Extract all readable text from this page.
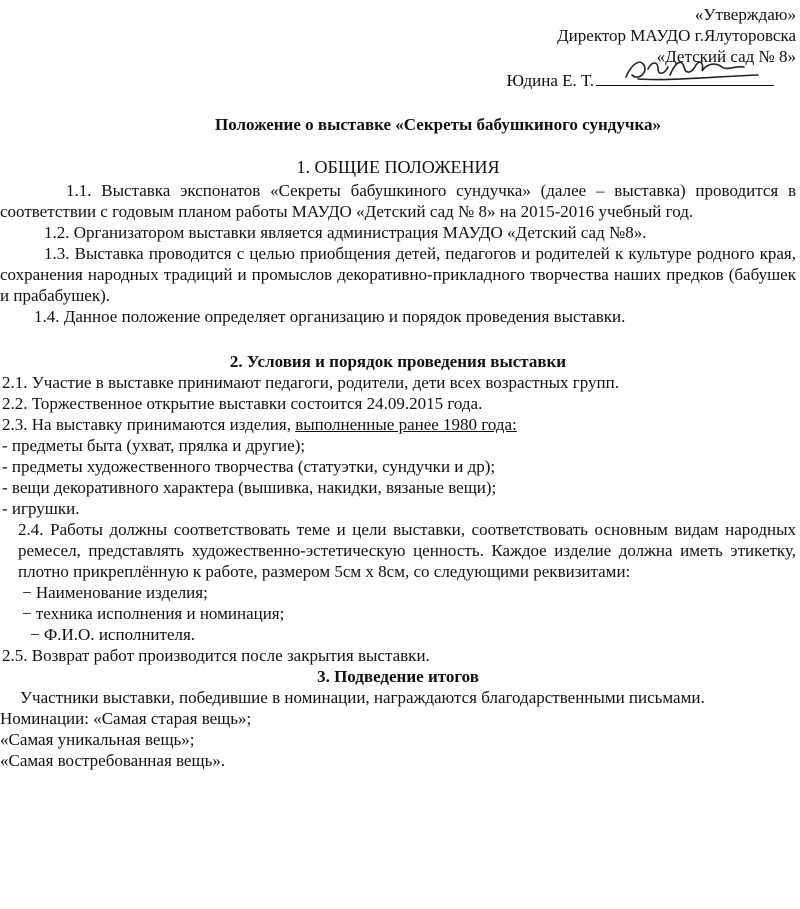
«Утверждаю»
Директор МАУДО г.Ялуторовска
«Детский сад № 8»
Юдина Е. Т.
Положение о выставке «Секреты бабушкиного сундучка»
1. ОБЩИЕ ПОЛОЖЕНИЯ

1.1. Выставка экспонатов «Секреты бабушкиного сундучка» (далее – выставка) проводится в соответствии с годовым планом работы МАУДО «Детский сад № 8» на 2015-2016 учебный год.

1.2. Организатором выставки является администрация МАУДО «Детский сад №8».

1.3. Выставка проводится с целью приобщения детей, педагогов и родителей к культуре родного края, сохранения народных традиций и промыслов декоративно-прикладного творчества наших предков (бабушек и прабабушек).

1.4. Данное положение определяет организацию и порядок проведения выставки.

2. Условия и порядок проведения выставки

2.1. Участие в выставке принимают педагоги, родители, дети всех возрастных групп.

2.2. Торжественное открытие выставки состоится 24.09.2015 года.

2.3. На выставку принимаются изделия, выполненные ранее 1980 года:

- предметы быта (ухват, прялка и другие);

- предметы художественного творчества (статуэтки, сундучки и др);

- вещи декоративного характера (вышивка, накидки, вязаные вещи);

- игрушки.

2.4. Работы должны соответствовать теме и цели выставки, соответствовать основным видам народных ремесел, представлять художественно-эстетическую ценность. Каждое изделие должна иметь этикетку, плотно прикреплённую к работе, размером 5см х 8см, со следующими реквизитами:

− Наименование изделия;

− техника исполнения и номинация;

− Ф.И.О. исполнителя.

2.5. Возврат работ производится после закрытия выставки.

3. Подведение итогов

Участники выставки, победившие в номинации, награждаются благодарственными письмами.

Номинации: «Самая старая вещь»;

«Самая уникальная вещь»;

«Самая востребованная вещь».
